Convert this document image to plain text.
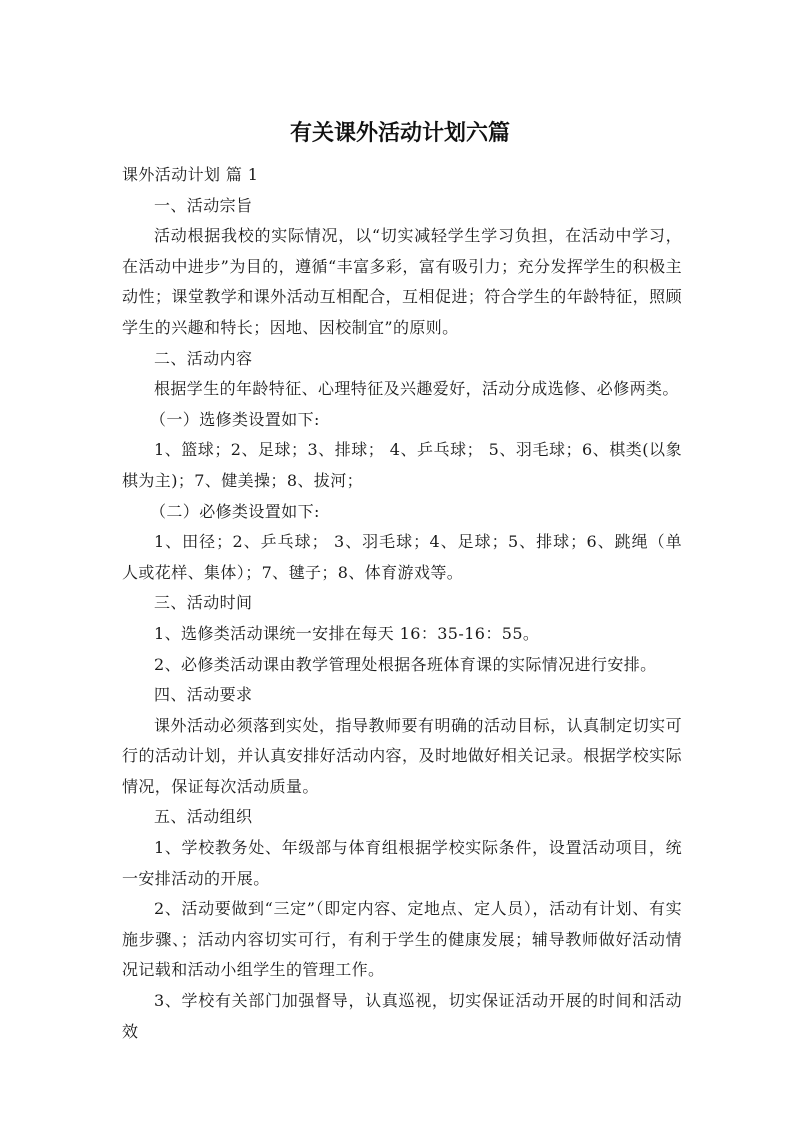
有关课外活动计划六篇

课外活动计划 篇 1

一、活动宗旨

活动根据我校的实际情况，以“切实减轻学生学习负担，在活动中学习，在活动中进步”为目的，遵循“丰富多彩，富有吸引力；充分发挥学生的积极主动性；课堂教学和课外活动互相配合，互相促进；符合学生的年龄特征，照顾学生的兴趣和特长；因地、因校制宜”的原则。

二、活动内容

根据学生的年龄特征、心理特征及兴趣爱好，活动分成选修、必修两类。

（一）选修类设置如下:

1、篮球；2、足球；3、排球； 4、乒乓球； 5、羽毛球；6、棋类(以象棋为主)；7、健美操；8、拔河；

（二）必修类设置如下:

1、田径；2、乒乓球； 3、羽毛球；4、足球；5、排球；6、跳绳（单人或花样、集体）；7、毽子；8、体育游戏等。

三、活动时间

1、选修类活动课统一安排在每天 16：35-16：55。

2、必修类活动课由教学管理处根据各班体育课的实际情况进行安排。

四、活动要求

课外活动必须落到实处，指导教师要有明确的活动目标，认真制定切实可行的活动计划，并认真安排好活动内容，及时地做好相关记录。根据学校实际情况，保证每次活动质量。

五、活动组织

1、学校教务处、年级部与体育组根据学校实际条件，设置活动项目，统一安排活动的开展。

2、活动要做到“三定”（即定内容、定地点、定人员），活动有计划、有实施步骤、；活动内容切实可行，有利于学生的健康发展；辅导教师做好活动情况记载和活动小组学生的管理工作。

3、学校有关部门加强督导，认真巡视，切实保证活动开展的时间和活动效
